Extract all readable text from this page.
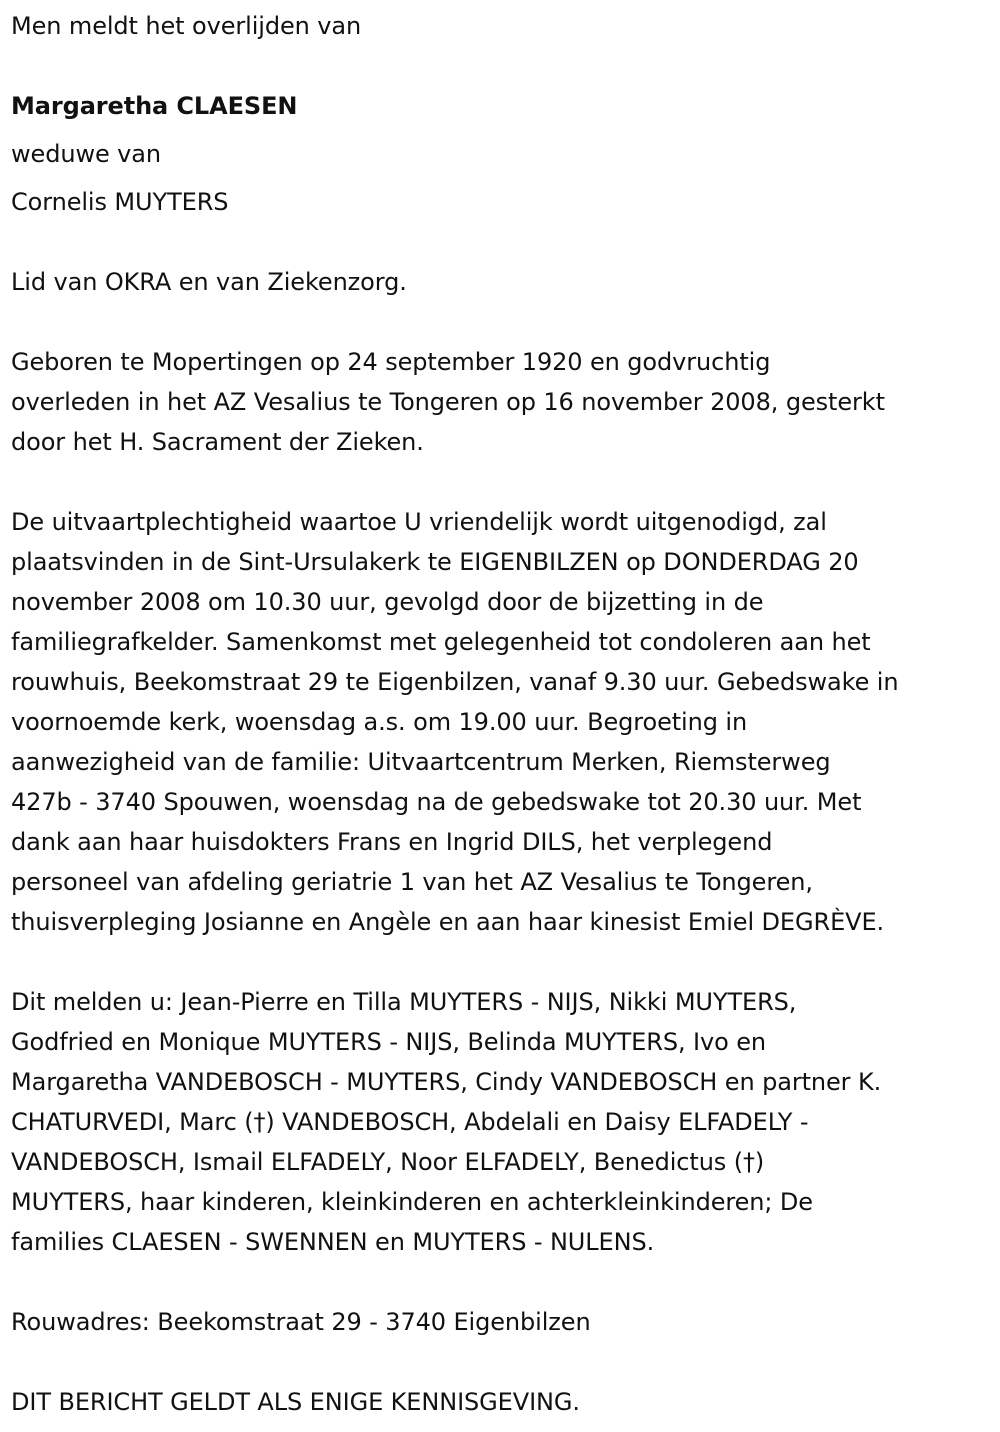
Men meldt het overlijden van

Margaretha CLAESEN

weduwe van

Cornelis MUYTERS

Lid van OKRA en van Ziekenzorg.

Geboren te Mopertingen op 24 september 1920 en godvruchtig
overleden in het AZ Vesalius te Tongeren op 16 november 2008, gesterkt
door het H. Sacrament der Zieken.
De uitvaartplechtigheid waartoe U vriendelijk wordt uitgenodigd, zal
plaatsvinden in de Sint-Ursulakerk te EIGENBILZEN op DONDERDAG 20
november 2008 om 10.30 uur, gevolgd door de bijzetting in de
familiegrafkelder. Samenkomst met gelegenheid tot condoleren aan het
rouwhuis, Beekomstraat 29 te Eigenbilzen, vanaf 9.30 uur. Gebedswake in
voornoemde kerk, woensdag a.s. om 19.00 uur. Begroeting in
aanwezigheid van de familie: Uitvaartcentrum Merken, Riemsterweg
427b - 3740 Spouwen, woensdag na de gebedswake tot 20.30 uur. Met
dank aan haar huisdokters Frans en Ingrid DILS, het verplegend
personeel van afdeling geriatrie 1 van het AZ Vesalius te Tongeren,
thuisverpleging Josianne en Angèle en aan haar kinesist Emiel DEGRÈVE.
Dit melden u: Jean-Pierre en Tilla MUYTERS - NIJS, Nikki MUYTERS,
Godfried en Monique MUYTERS - NIJS, Belinda MUYTERS, Ivo en
Margaretha VANDEBOSCH - MUYTERS, Cindy VANDEBOSCH en partner K.
CHATURVEDI, Marc (†) VANDEBOSCH, Abdelali en Daisy ELFADELY -
VANDEBOSCH, Ismail ELFADELY, Noor ELFADELY, Benedictus (†)
MUYTERS, haar kinderen, kleinkinderen en achterkleinkinderen; De
families CLAESEN - SWENNEN en MUYTERS - NULENS.

Rouwadres: Beekomstraat 29 - 3740 Eigenbilzen

DIT BERICHT GELDT ALS ENIGE KENNISGEVING.
